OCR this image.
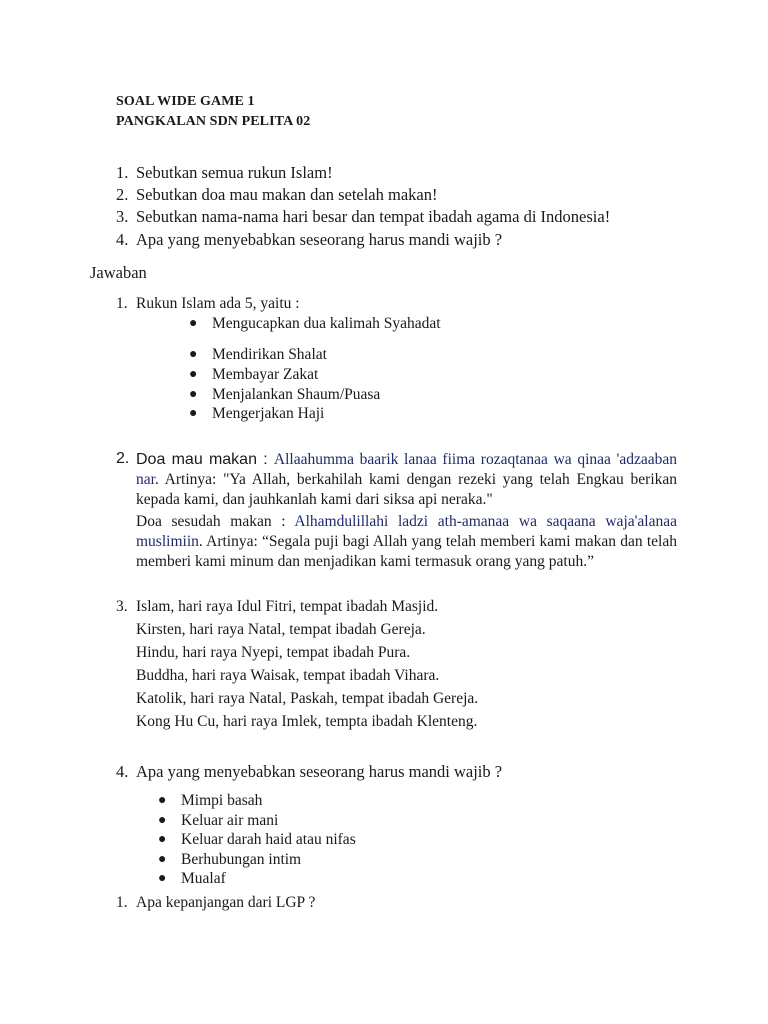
SOAL WIDE GAME 1
PANGKALAN SDN PELITA 02
1. Sebutkan semua rukun Islam!
2. Sebutkan doa mau makan dan setelah makan!
3. Sebutkan nama-nama hari besar dan tempat ibadah agama di Indonesia!
4. Apa yang menyebabkan seseorang harus mandi wajib ?
Jawaban
1. Rukun Islam ada 5, yaitu :
● Mengucapkan dua kalimah Syahadat
● Mendirikan Shalat
● Membayar Zakat
● Menjalankan Shaum/Puasa
● Mengerjakan Haji
2. Doa mau makan : Allaahumma baarik lanaa fiima rozaqtanaa wa qinaa 'adzaaban nar. Artinya: "Ya Allah, berkahilah kami dengan rezeki yang telah Engkau berikan kepada kami, dan jauhkanlah kami dari siksa api neraka."
Doa sesudah makan : Alhamdulillahi ladzi ath-amanaa wa saqaana waja'alanaa muslimiin. Artinya: “Segala puji bagi Allah yang telah memberi kami makan dan telah memberi kami minum dan menjadikan kami termasuk orang yang patuh.”
3. Islam, hari raya Idul Fitri, tempat ibadah Masjid.
Kirsten, hari raya Natal, tempat ibadah Gereja.
Hindu, hari raya Nyepi, tempat ibadah Pura.
Buddha, hari raya Waisak, tempat ibadah Vihara.
Katolik, hari raya Natal, Paskah, tempat ibadah Gereja.
Kong Hu Cu, hari raya Imlek, tempta ibadah Klenteng.
4. Apa yang menyebabkan seseorang harus mandi wajib ?
● Mimpi basah
● Keluar air mani
● Keluar darah haid atau nifas
● Berhubungan intim
● Mualaf
1. Apa kepanjangan dari LGP ?
